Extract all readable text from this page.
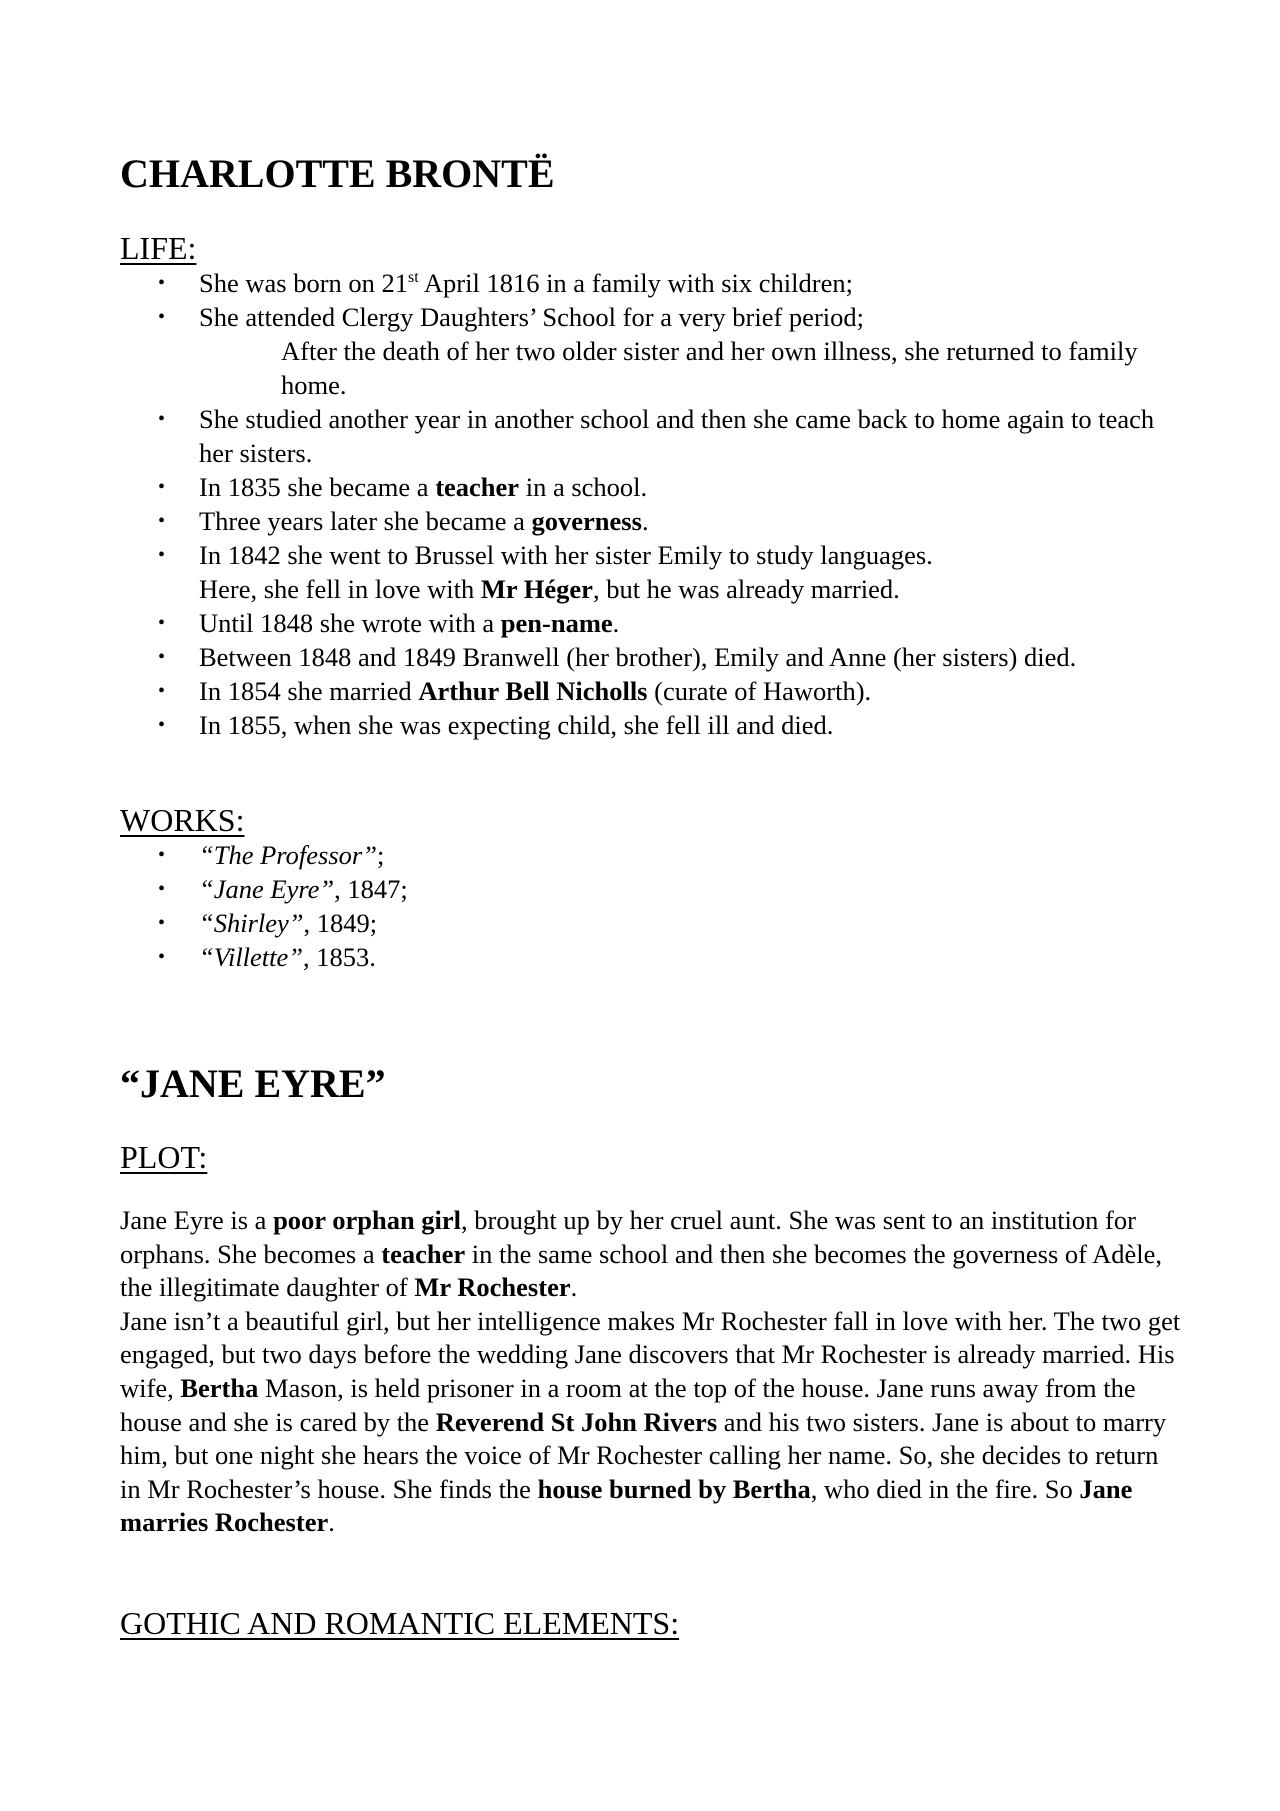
CHARLOTTE BRONTË
LIFE:
• She was born on 21st April 1816 in a family with six children;
• She attended Clergy Daughters’ School for a very brief period;
After the death of her two older sister and her own illness, she returned to family home.
• She studied another year in another school and then she came back to home again to teach her sisters.
• In 1835 she became a teacher in a school.
• Three years later she became a governess.
• In 1842 she went to Brussel with her sister Emily to study languages.
Here, she fell in love with Mr Héger, but he was already married.
• Until 1848 she wrote with a pen-name.
• Between 1848 and 1849 Branwell (her brother), Emily and Anne (her sisters) died.
• In 1854 she married Arthur Bell Nicholls (curate of Haworth).
• In 1855, when she was expecting child, she fell ill and died.
WORKS:
• “The Professor”;
• “Jane Eyre”, 1847;
• “Shirley”, 1849;
• “Villette”, 1853.
“JANE EYRE”
PLOT:
Jane Eyre is a poor orphan girl, brought up by her cruel aunt. She was sent to an institution for orphans. She becomes a teacher in the same school and then she becomes the governess of Adèle, the illegitimate daughter of Mr Rochester.
Jane isn’t a beautiful girl, but her intelligence makes Mr Rochester fall in love with her. The two get engaged, but two days before the wedding Jane discovers that Mr Rochester is already married. His wife, Bertha Mason, is held prisoner in a room at the top of the house. Jane runs away from the house and she is cared by the Reverend St John Rivers and his two sisters. Jane is about to marry him, but one night she hears the voice of Mr Rochester calling her name. So, she decides to return in Mr Rochester’s house. She finds the house burned by Bertha, who died in the fire. So Jane marries Rochester.
GOTHIC AND ROMANTIC ELEMENTS:
